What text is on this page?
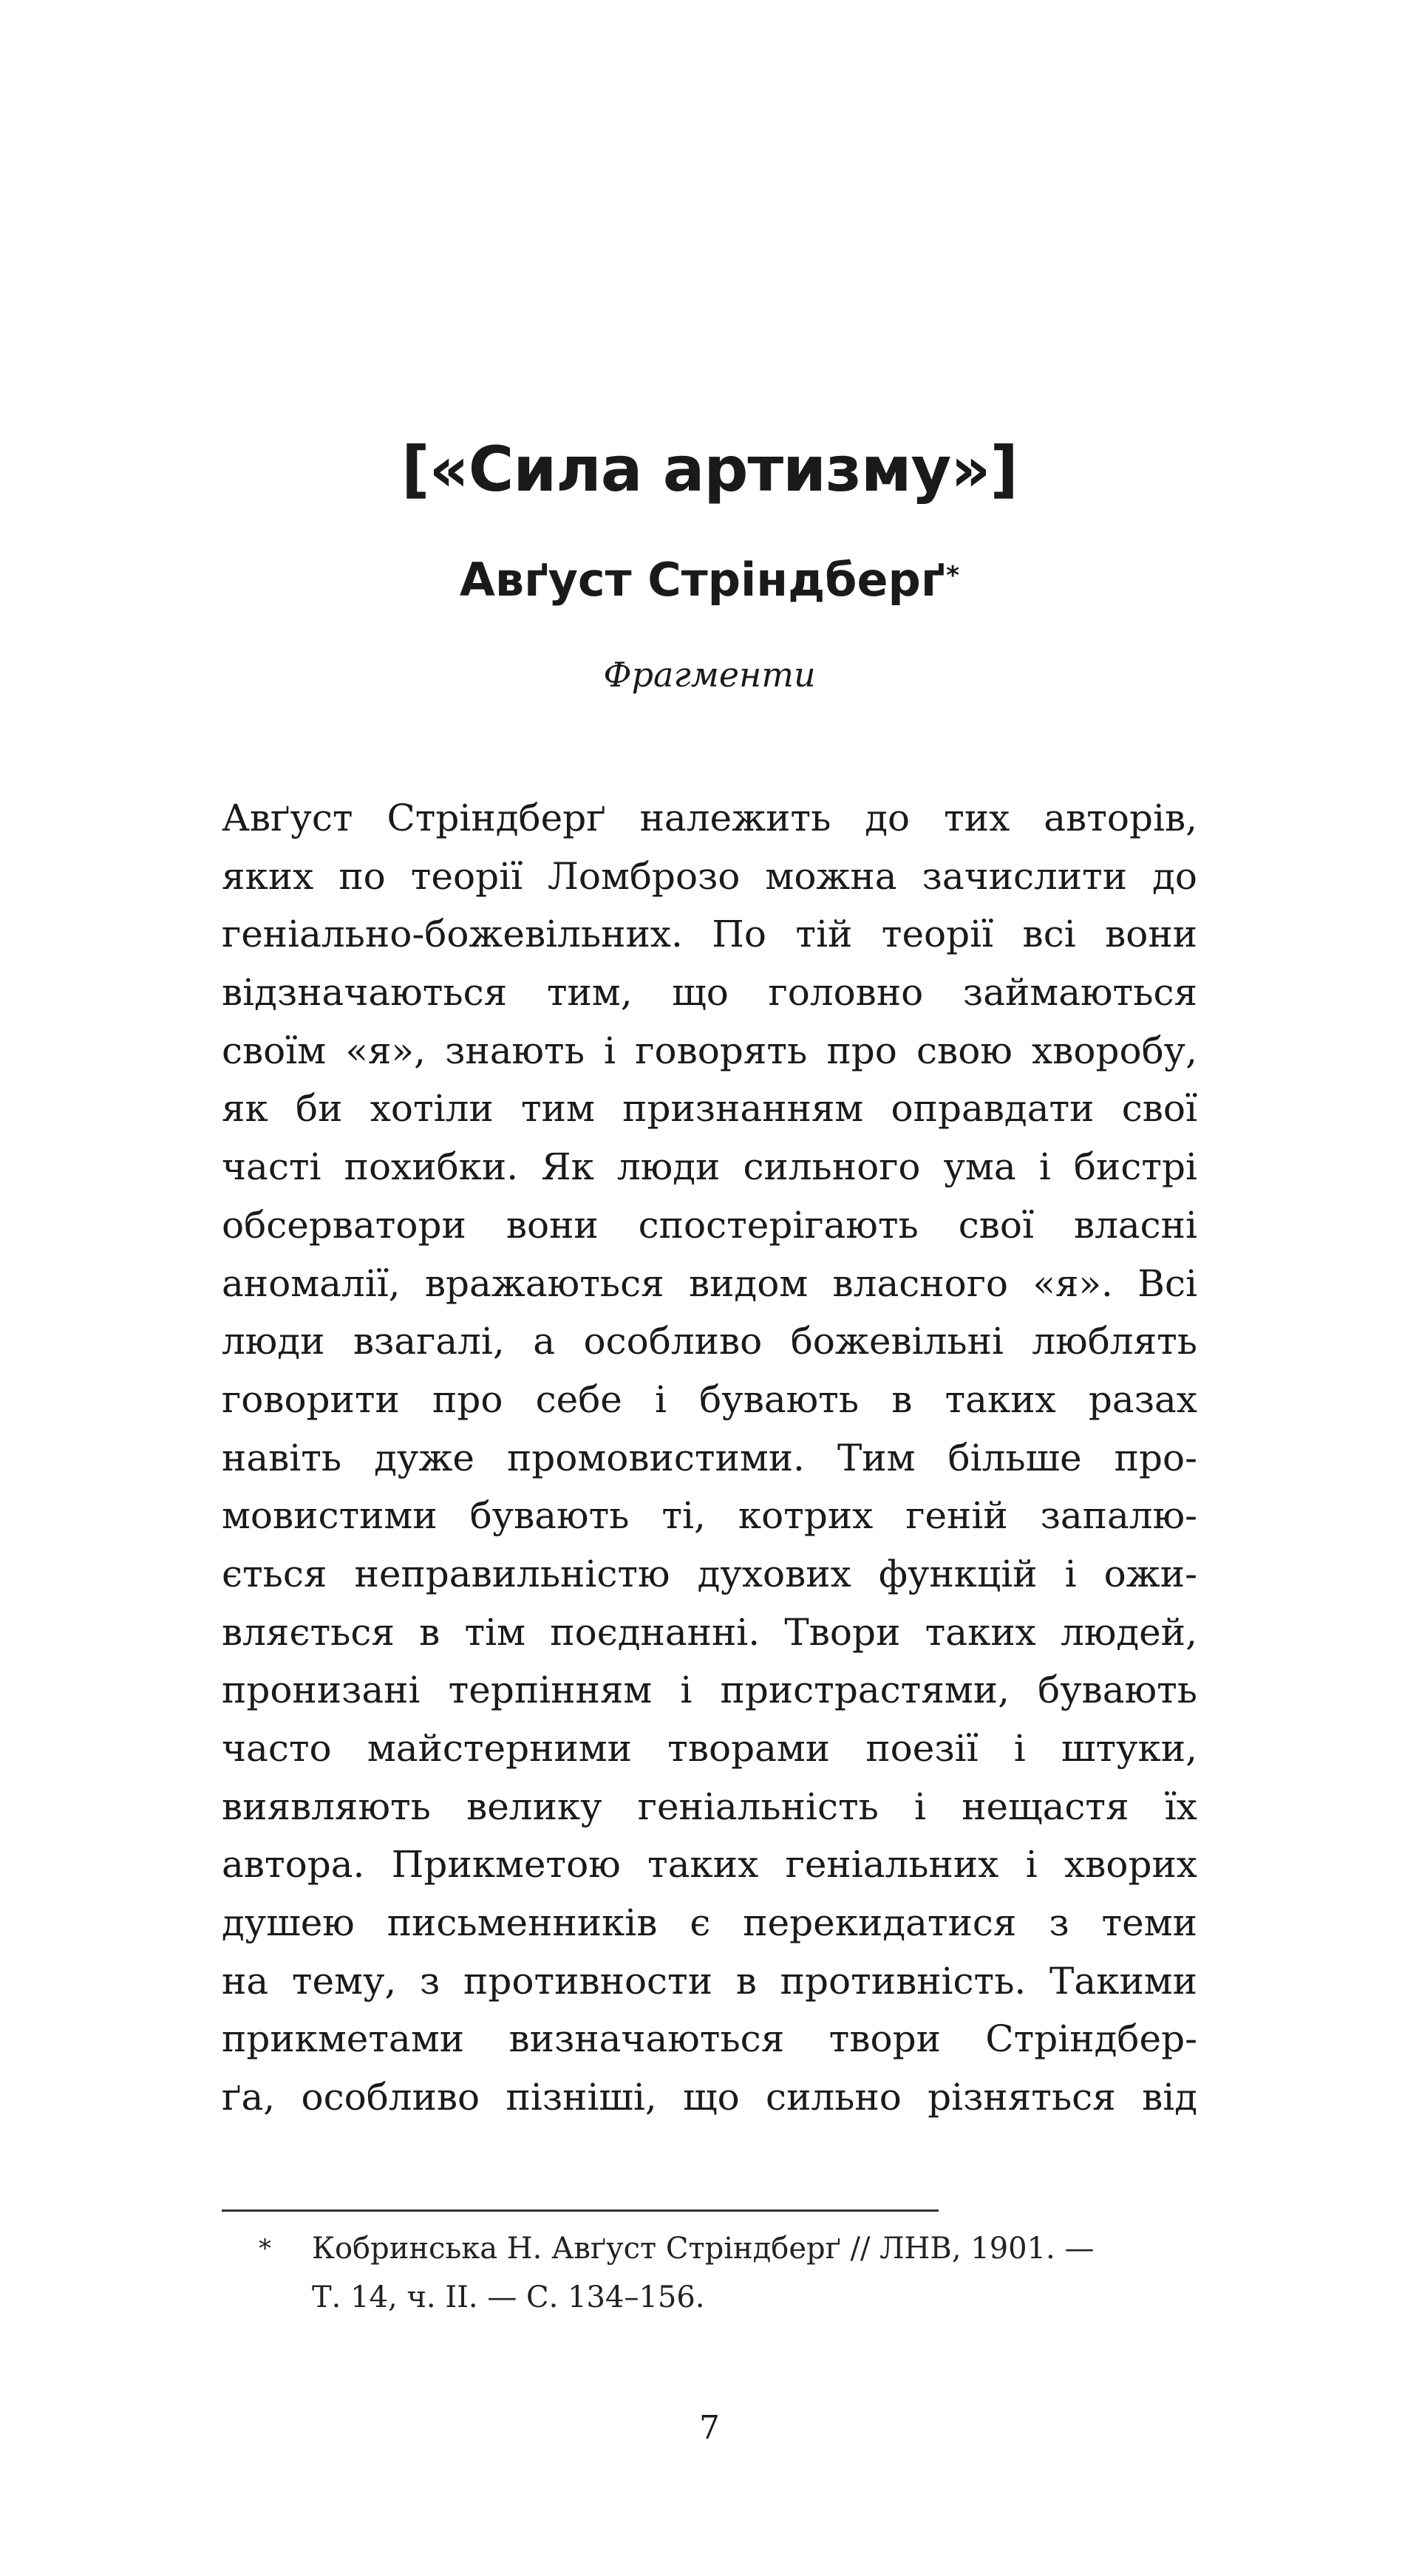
[«Сила артизму»]
Авґуст Стріндберґ*

Фрагменти

Авґуст Стріндберґ належить до тих авторів,
яких по теорії Ломброзо можна зачислити до
геніально-божевільних. По тій теорії всі вони
відзначаються тим, що головно займаються
своїм «я», знають і говорять про свою хворобу,
як би хотіли тим признанням оправдати свої
часті похибки. Як люди сильного ума і бистрі
обсерватори вони спостерігають свої власні
аномалії, вражаються видом власного «я». Всі
люди взагалі, а особливо божевільні люблять
говорити про себе і бувають в таких разах
навіть дуже промовистими. Тим більше про-
мовистими бувають ті, котрих геній запалю-
ється неправильністю духових функцій і ожи-
вляється в тім поєднанні. Твори таких людей,
пронизані терпінням і пристрастями, бувають
часто майстерними творами поезії і штуки,
виявляють велику геніальність і нещастя їх
автора. Прикметою таких геніальних і хворих
душею письменників є перекидатися з теми
на тему, з противности в противність. Такими
прикметами визначаються твори Стріндбер-
ґа, особливо пізніші, що сильно різняться від
* Кобринська Н. Авґуст Стріндберґ // ЛНВ, 1901. —
Т. 14, ч. ІІ. — С. 134–156.
7
